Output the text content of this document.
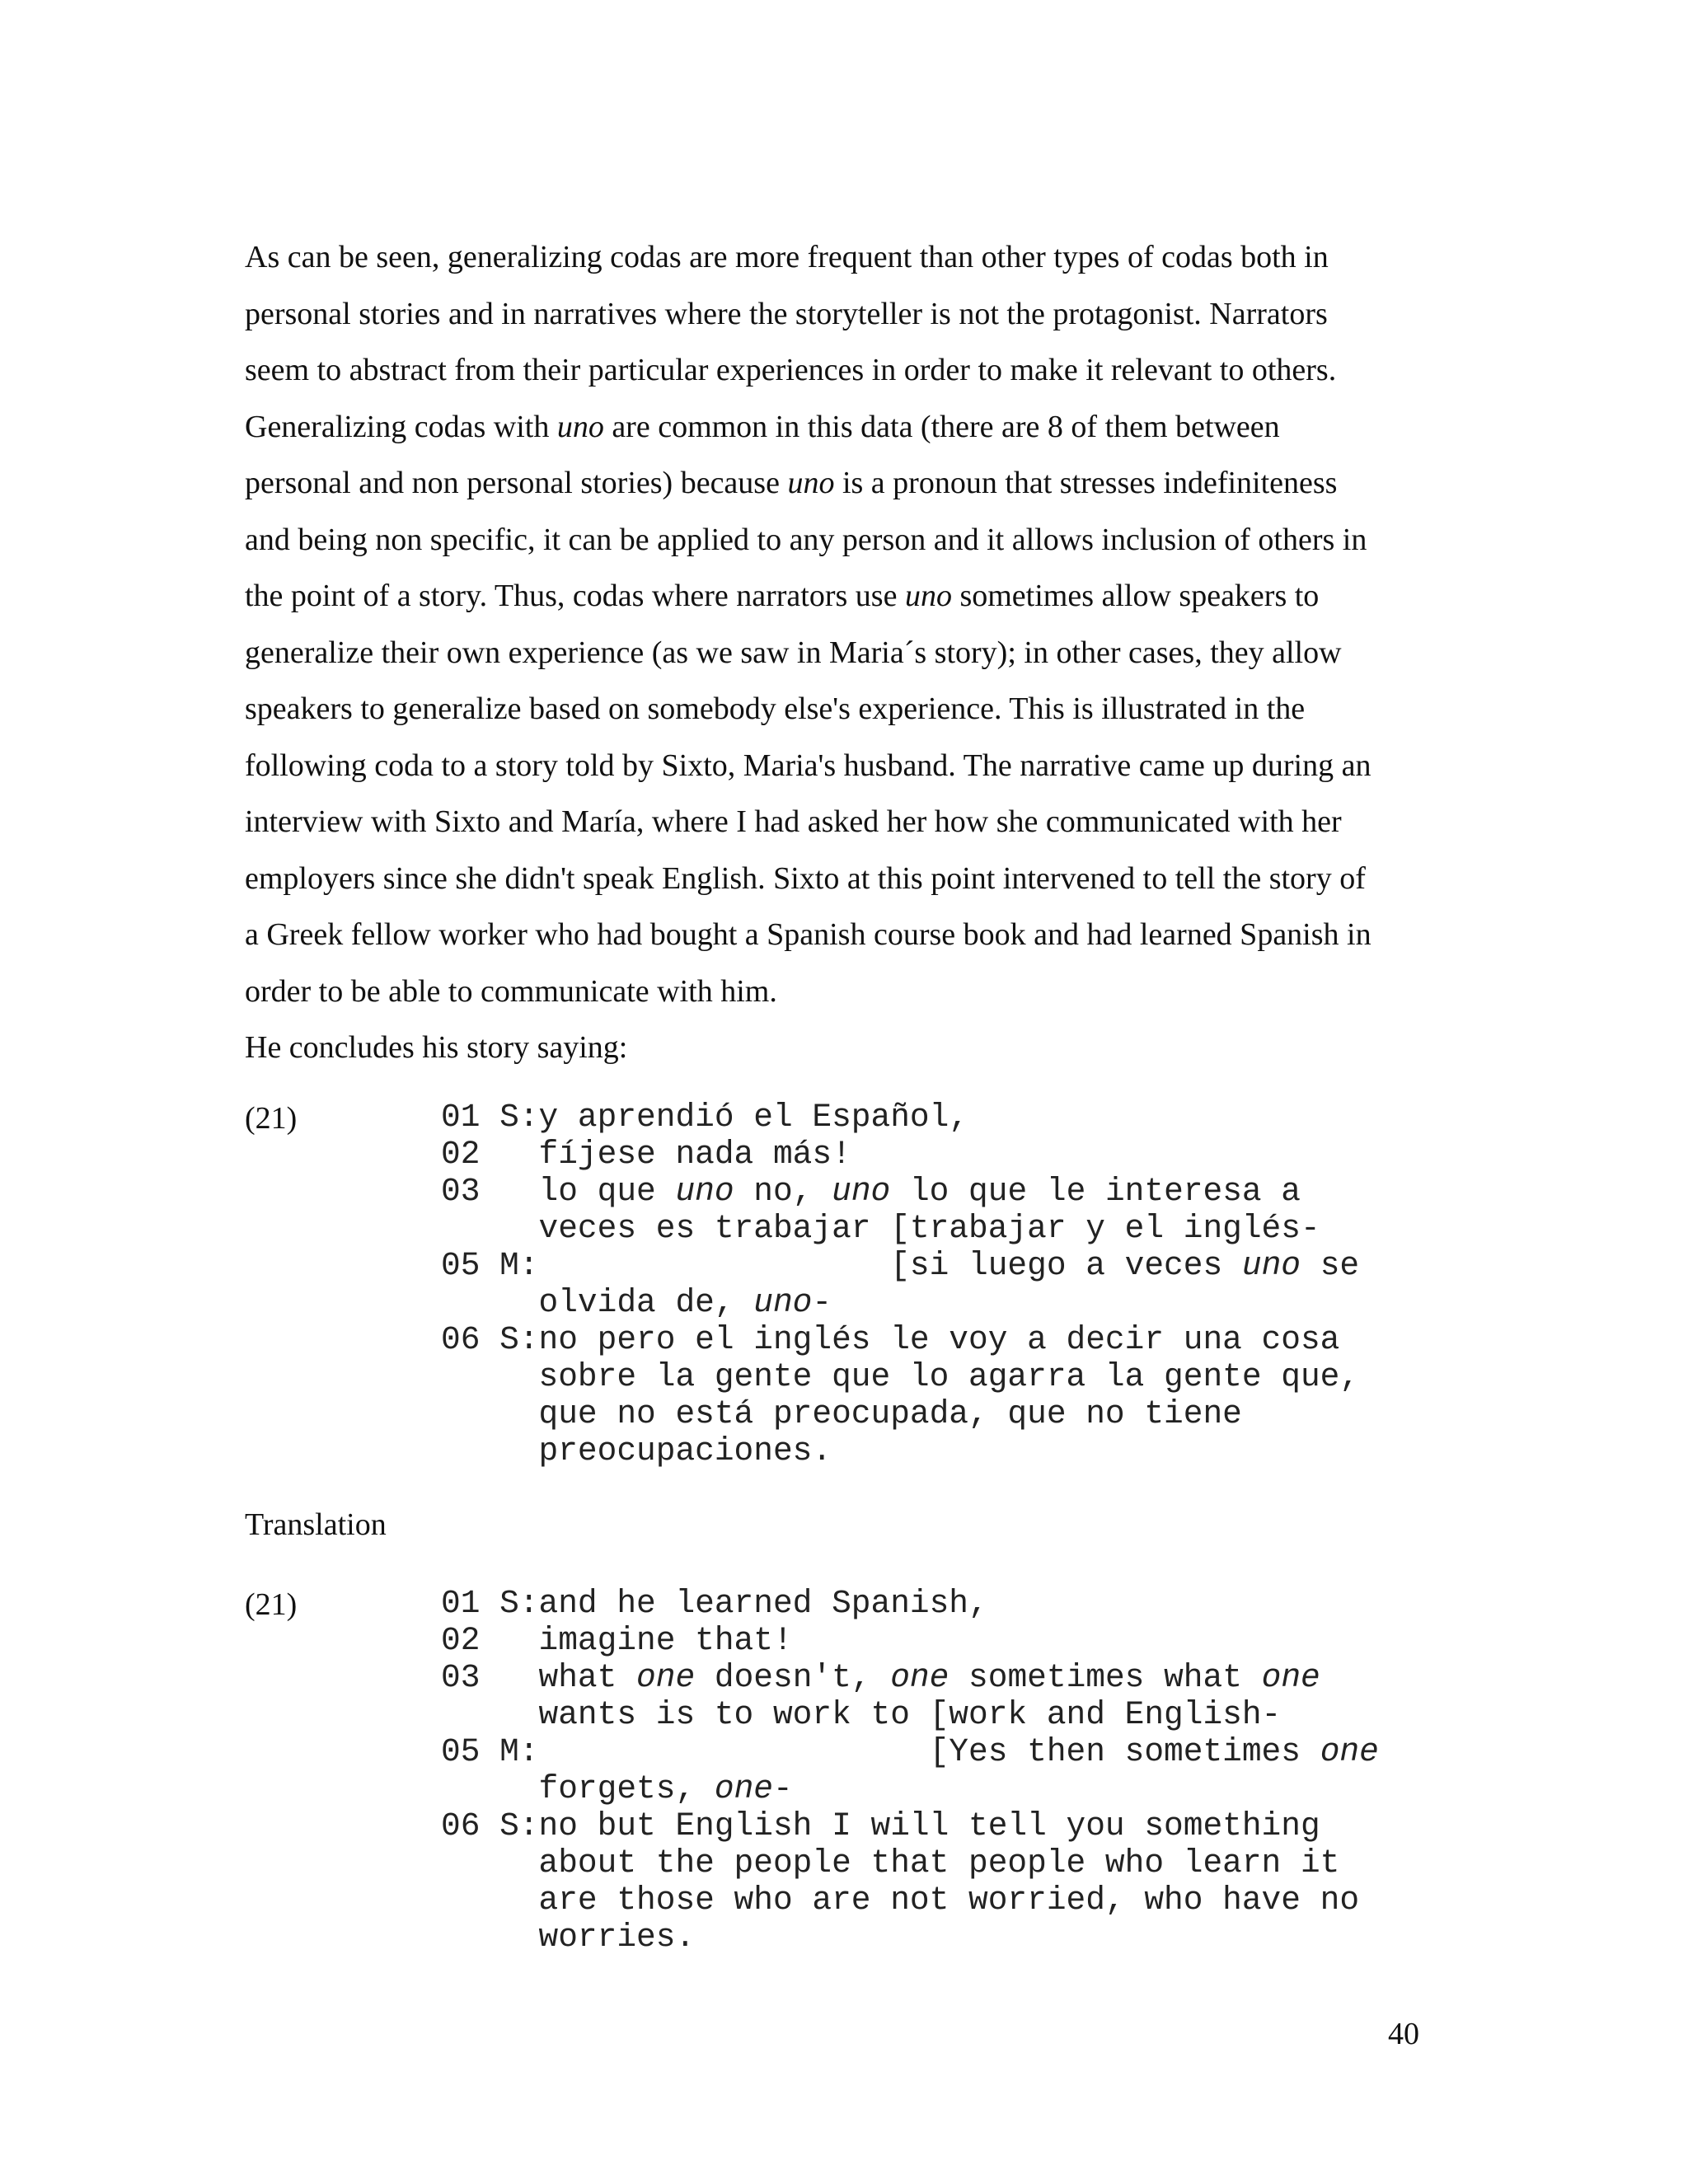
As can be seen, generalizing codas are more frequent than other types of codas both in
personal stories and in narratives where the storyteller is not the protagonist. Narrators
seem to abstract from their particular experiences in order to make it relevant to others.
Generalizing codas with uno are common in this data (there are 8 of them between
personal and non personal stories) because uno is a pronoun that stresses indefiniteness
and being non specific, it can be applied to any person and it allows inclusion of others in
the point of a story. Thus, codas where narrators use uno sometimes allow speakers to
generalize their own experience (as we saw in Maria´s story); in other cases, they allow
speakers to generalize based on somebody else's experience. This is illustrated in the
following coda to a story told by Sixto, Maria's husband. The narrative came up during an
interview with Sixto and María, where I had asked her how she communicated with her
employers since she didn't speak English. Sixto at this point intervened to tell the story of
a Greek fellow worker who had bought a Spanish course book and had learned Spanish in
order to be able to communicate with him.
He concludes his story saying:
(21)	01 S:y aprendió el Español,
02   fíjese nada más!
03   lo que uno no, uno lo que le interesa a
veces es trabajar [trabajar y el inglés-
05 M:                  [si luego a veces uno se
olvida de, uno-
06 S:no pero el inglés le voy a decir una cosa
sobre la gente que lo agarra la gente que,
que no está preocupada, que no tiene
preocupaciones.
Translation
(21)	01 S:and he learned Spanish,
02   imagine that!
03   what one doesn't, one sometimes what one
wants is to work to [work and English-
05 M:                    [Yes then sometimes one
forgets, one-
06 S:no but English I will tell you something
about the people that people who learn it
are those who are not worried, who have no
worries.
40
